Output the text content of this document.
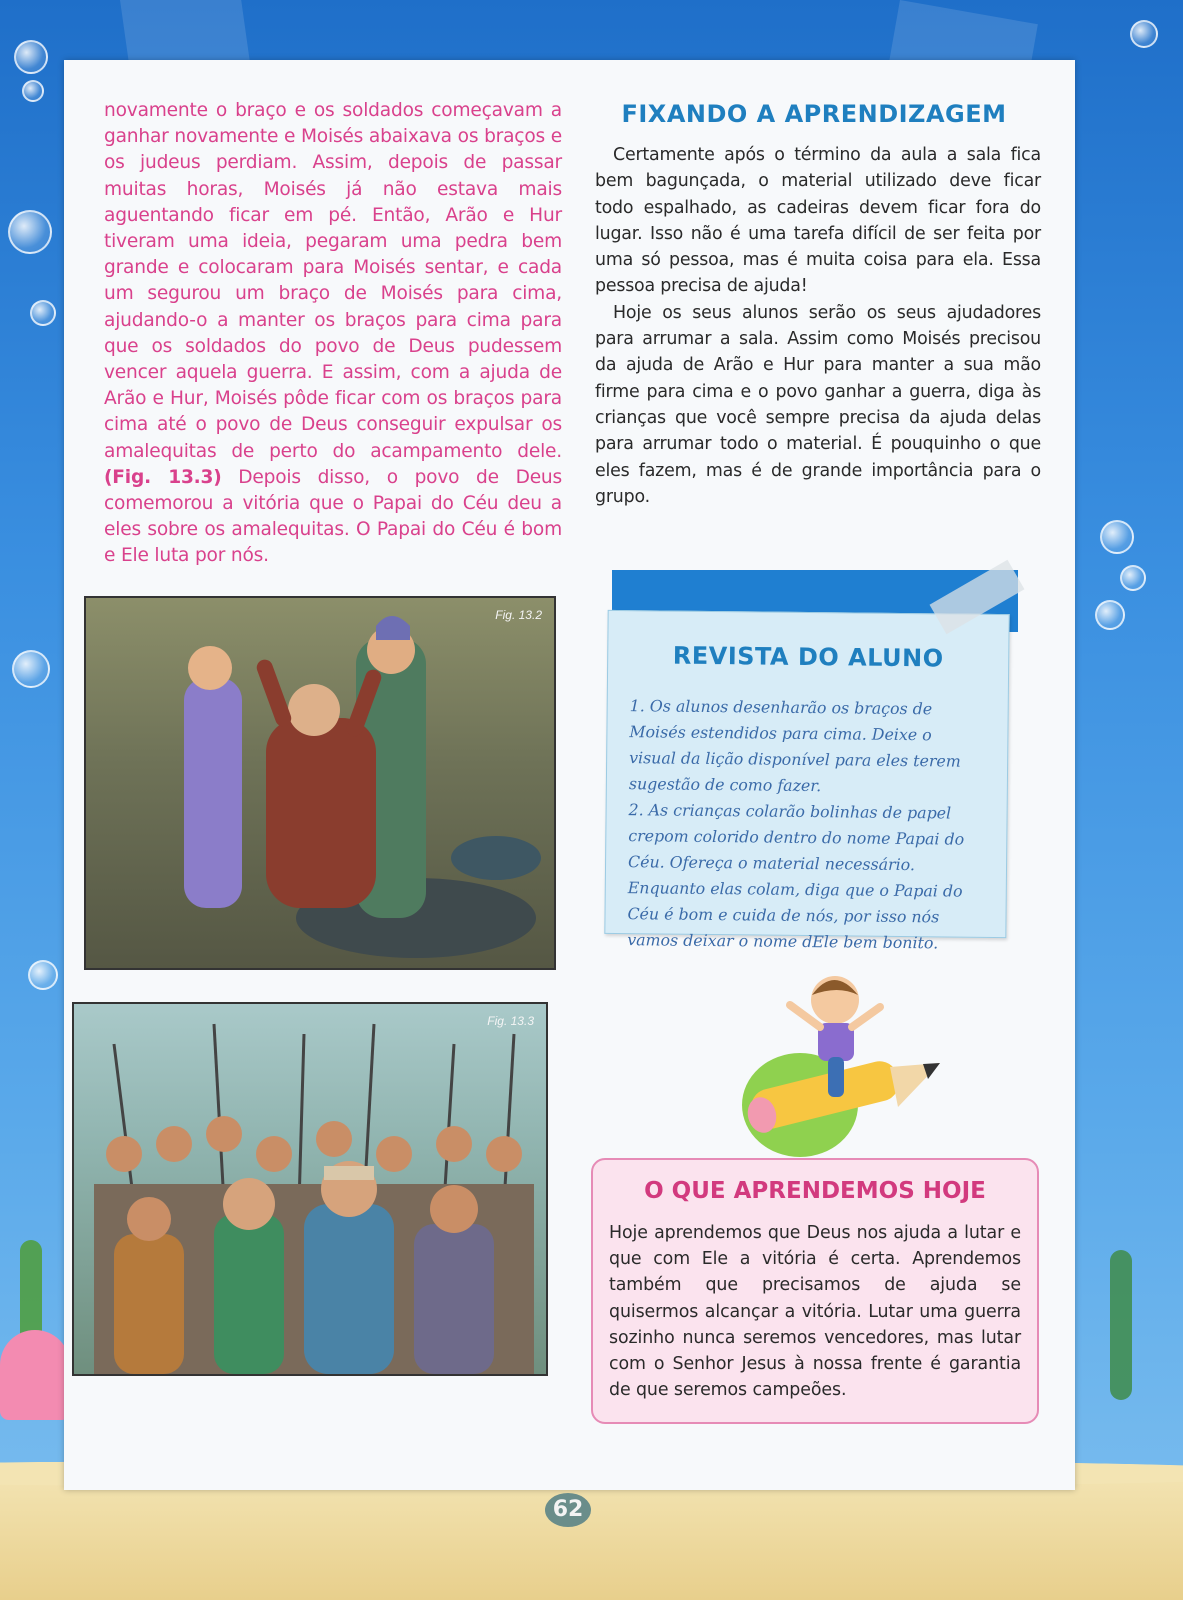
novamente o braço e os soldados começavam a ganhar novamente e Moisés abaixava os braços e os judeus perdiam. Assim, depois de passar muitas horas, Moisés já não estava mais aguentando ficar em pé. Então, Arão e Hur tiveram uma ideia, pegaram uma pedra bem grande e colocaram para Moisés sentar, e cada um segurou um braço de Moisés para cima, ajudando-o a manter os braços para cima para que os soldados do povo de Deus pudessem vencer aquela guerra. E assim, com a ajuda de Arão e Hur, Moisés pôde ficar com os braços para cima até o povo de Deus conseguir expulsar os amalequitas de perto do acampamento dele. (Fig. 13.3) Depois disso, o povo de Deus comemorou a vitória que o Papai do Céu deu a eles sobre os amalequitas. O Papai do Céu é bom e Ele luta por nós.
Fig. 13.2
Fig. 13.3
FIXANDO A APRENDIZAGEM

Certamente após o término da aula a sala fica bem bagunçada, o material utilizado deve ficar todo espalhado, as cadeiras devem ficar fora do lugar. Isso não é uma tarefa difícil de ser feita por uma só pessoa, mas é muita coisa para ela. Essa pessoa precisa de ajuda!

Hoje os seus alunos serão os seus ajudadores para arrumar a sala. Assim como Moisés precisou da ajuda de Arão e Hur para manter a sua mão firme para cima e o povo ganhar a guerra, diga às crianças que você sempre precisa da ajuda delas para arrumar todo o material. É pouquinho o que eles fazem, mas é de grande importância para o grupo.

REVISTA DO ALUNO
1. Os alunos desenharão os braços de Moisés estendidos para cima. Deixe o visual da lição disponível para eles terem sugestão de como fazer.
2. As crianças colarão bolinhas de papel crepom colorido dentro do nome Papai do Céu. Ofereça o material necessário. Enquanto elas colam, diga que o Papai do Céu é bom e cuida de nós, por isso nós vamos deixar o nome dEle bem bonito.
O QUE APRENDEMOS HOJE
Hoje aprendemos que Deus nos ajuda a lutar e que com Ele a vitória é certa. Aprendemos também que precisamos de ajuda se quisermos alcançar a vitória. Lutar uma guerra sozinho nunca seremos vencedores, mas lutar com o Senhor Jesus à nossa frente é garantia de que seremos campeões.
62
